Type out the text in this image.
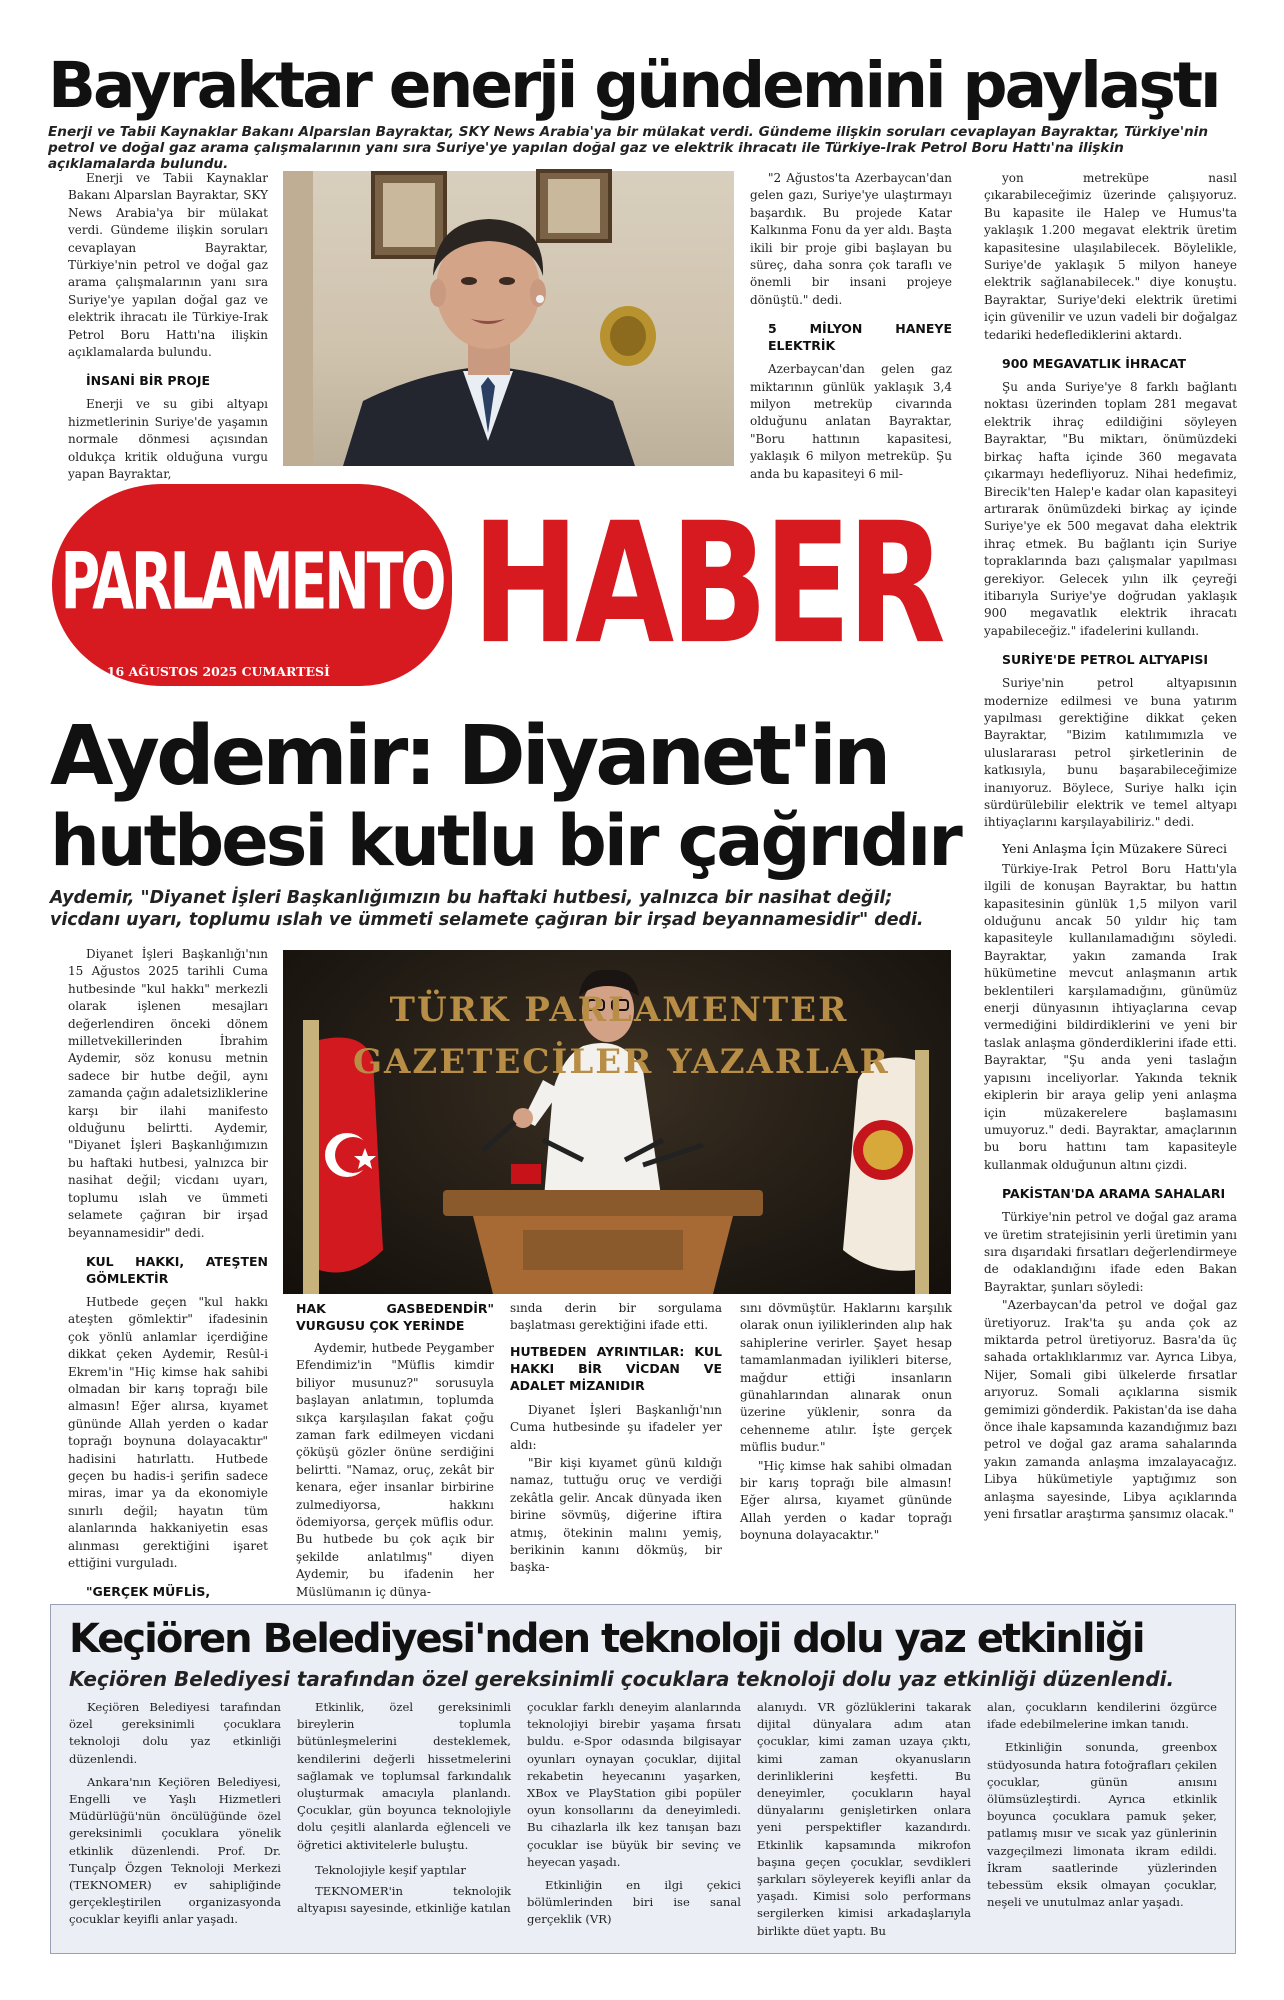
Bayraktar enerji gündemini paylaştı
Enerji ve Tabii Kaynaklar Bakanı Alparslan Bayraktar, SKY News Arabia'ya bir mülakat verdi. Gündeme ilişkin soruları cevaplayan Bayraktar, Türkiye'nin petrol ve doğal gaz arama çalışmalarının yanı sıra Suriye'ye yapılan doğal gaz ve elektrik ihracatı ile Türkiye-Irak Petrol Boru Hattı'na ilişkin açıklamalarda bulundu.

Enerji ve Tabii Kaynaklar Bakanı Alparslan Bayraktar, SKY News Arabia'ya bir mülakat verdi. Gündeme ilişkin soruları cevaplayan Bayraktar, Türkiye'nin petrol ve doğal gaz arama çalışmalarının yanı sıra Suriye'ye yapılan doğal gaz ve elektrik ihracatı ile Türkiye-Irak Petrol Boru Hattı'na ilişkin açıklamalarda bulundu.

İNSANİ BİR PROJE

Enerji ve su gibi altyapı hizmetlerinin Suriye'de yaşamın normale dönmesi açısından oldukça kritik olduğuna vurgu yapan Bayraktar,

"2 Ağustos'ta Azerbaycan'dan gelen gazı, Suriye'ye ulaştırmayı başardık. Bu projede Katar Kalkınma Fonu da yer aldı. Başta ikili bir proje gibi başlayan bu süreç, daha sonra çok taraflı ve önemli bir insani projeye dönüştü." dedi.

5 MİLYON HANEYE ELEKTRİK

Azerbaycan'dan gelen gaz miktarının günlük yaklaşık 3,4 milyon metreküp civarında olduğunu anlatan Bayraktar, "Boru hattının kapasitesi, yaklaşık 6 milyon metreküp. Şu anda bu kapasiteyi 6 mil-

yon metreküpe nasıl çıkarabileceğimiz üzerinde çalışıyoruz. Bu kapasite ile Halep ve Humus'ta yaklaşık 1.200 megavat elektrik üretim kapasitesine ulaşılabilecek. Böylelikle, Suriye'de yaklaşık 5 milyon haneye elektrik sağlanabilecek." diye konuştu. Bayraktar, Suriye'deki elektrik üretimi için güvenilir ve uzun vadeli bir doğalgaz tedariki hedeflediklerini aktardı.

900 MEGAVATLIK İHRACAT

Şu anda Suriye'ye 8 farklı bağlantı noktası üzerinden toplam 281 megavat elektrik ihraç edildiğini söyleyen Bayraktar, "Bu miktarı, önümüzdeki birkaç hafta içinde 360 megavata çıkarmayı hedefliyoruz. Nihai hedefimiz, Birecik'ten Halep'e kadar olan kapasiteyi artırarak önümüzdeki birkaç ay içinde Suriye'ye ek 500 megavat daha elektrik ihraç etmek. Bu bağlantı için Suriye topraklarında bazı çalışmalar yapılması gerekiyor. Gelecek yılın ilk çeyreği itibarıyla Suriye'ye doğrudan yaklaşık 900 megavatlık elektrik ihracatı yapabileceğiz." ifadelerini kullandı.

SURİYE'DE PETROL ALTYAPISI

Suriye'nin petrol altyapısının modernize edilmesi ve buna yatırım yapılması gerektiğine dikkat çeken Bayraktar, "Bizim katılımımızla ve uluslararası petrol şirketlerinin de katkısıyla, bunu başarabileceğimize inanıyoruz. Böylece, Suriye halkı için sürdürülebilir elektrik ve temel altyapı ihtiyaçlarını karşılayabiliriz." dedi.

Yeni Anlaşma İçin Müzakere Süreci

Türkiye-Irak Petrol Boru Hattı'yla ilgili de konuşan Bayraktar, bu hattın kapasitesinin günlük 1,5 milyon varil olduğunu ancak 50 yıldır hiç tam kapasiteyle kullanılamadığını söyledi. Bayraktar, yakın zamanda Irak hükümetine mevcut anlaşmanın artık beklentileri karşılamadığını, günümüz enerji dünyasının ihtiyaçlarına cevap vermediğini bildirdiklerini ve yeni bir taslak anlaşma gönderdiklerini ifade etti. Bayraktar, "Şu anda yeni taslağın yapısını inceliyorlar. Yakında teknik ekiplerin bir araya gelip yeni anlaşma için müzakerelere başlamasını umuyoruz." dedi. Bayraktar, amaçlarının bu boru hattını tam kapasiteyle kullanmak olduğunun altını çizdi.

PAKİSTAN'DA ARAMA SAHALARI

Türkiye'nin petrol ve doğal gaz arama ve üretim stratejisinin yerli üretimin yanı sıra dışarıdaki fırsatları değerlendirmeye de odaklandığını ifade eden Bakan Bayraktar, şunları söyledi:

"Azerbaycan'da petrol ve doğal gaz üretiyoruz. Irak'ta şu anda çok az miktarda petrol üretiyoruz. Basra'da üç sahada ortaklıklarımız var. Ayrıca Libya, Nijer, Somali gibi ülkelerde fırsatlar arıyoruz. Somali açıklarına sismik gemimizi gönderdik. Pakistan'da ise daha önce ihale kapsamında kazandığımız bazı petrol ve doğal gaz arama sahalarında yakın zamanda anlaşma imzalayacağız. Libya hükümetiyle yaptığımız son anlaşma sayesinde, Libya açıklarında yeni fırsatlar araştırma şansımız olacak."

PARLAMENTO HABER
> 16 AĞUSTOS 2025 CUMARTESİ
Aydemir: Diyanet'in
hutbesi kutlu bir çağrıdır
Aydemir, "Diyanet İşleri Başkanlığımızın bu haftaki hutbesi, yalnızca bir nasihat değil; vicdanı uyarı, toplumu ıslah ve ümmeti selamete çağıran bir irşad beyannamesidir" dedi.

Diyanet İşleri Başkanlığı'nın 15 Ağustos 2025 tarihli Cuma hutbesinde "kul hakkı" merkezli olarak işlenen mesajları değerlendiren önceki dönem milletvekillerinden İbrahim Aydemir, söz konusu metnin sadece bir hutbe değil, aynı zamanda çağın adaletsizliklerine karşı bir ilahi manifesto olduğunu belirtti. Aydemir, "Diyanet İşleri Başkanlığımızın bu haftaki hutbesi, yalnızca bir nasihat değil; vicdanı uyarı, toplumu ıslah ve ümmeti selamete çağıran bir irşad beyannamesidir" dedi.

KUL HAKKI, ATEŞTEN GÖMLEKTİR

Hutbede geçen "kul hakkı ateşten gömlektir" ifadesinin çok yönlü anlamlar içerdiğine dikkat çeken Aydemir, Resûl-i Ekrem'in "Hiç kimse hak sahibi olmadan bir karış toprağı bile almasın! Eğer alırsa, kıyamet gününde Allah yerden o kadar toprağı boynuna dolayacaktır" hadisini hatırlattı. Hutbede geçen bu hadis-i şerifin sadece miras, imar ya da ekonomiyle sınırlı değil; hayatın tüm alanlarında hakkaniyetin esas alınması gerektiğini işaret ettiğini vurguladı.

"GERÇEK MÜFLİS,
TÜRK PARLAMENTER
GAZETECİLER YAZARLAR
HAK GASBEDENDİR" VURGUSU ÇOK YERİNDE

Aydemir, hutbede Peygamber Efendimiz'in "Müflis kimdir biliyor musunuz?" sorusuyla başlayan anlatımın, toplumda sıkça karşılaşılan fakat çoğu zaman fark edilmeyen vicdani çöküşü gözler önüne serdiğini belirtti. "Namaz, oruç, zekât bir kenara, eğer insanlar birbirine zulmediyorsa, hakkını ödemiyorsa, gerçek müflis odur. Bu hutbede bu çok açık bir şekilde anlatılmış" diyen Aydemir, bu ifadenin her Müslümanın iç dünya-

sında derin bir sorgulama başlatması gerektiğini ifade etti.

HUTBEDEN AYRINTILAR: KUL HAKKI BİR VİCDAN VE ADALET MİZANIDIR

Diyanet İşleri Başkanlığı'nın Cuma hutbesinde şu ifadeler yer aldı:

"Bir kişi kıyamet günü kıldığı namaz, tuttuğu oruç ve verdiği zekâtla gelir. Ancak dünyada iken birine sövmüş, diğerine iftira atmış, ötekinin malını yemiş, berikinin kanını dökmüş, bir başka-

sını dövmüştür. Haklarını karşılık olarak onun iyiliklerinden alıp hak sahiplerine verirler. Şayet hesap tamamlanmadan iyilikleri biterse, mağdur ettiği insanların günahlarından alınarak onun üzerine yüklenir, sonra da cehenneme atılır. İşte gerçek müflis budur."

"Hiç kimse hak sahibi olmadan bir karış toprağı bile almasın! Eğer alırsa, kıyamet gününde Allah yerden o kadar toprağı boynuna dolayacaktır."

Keçiören Belediyesi'nden teknoloji dolu yaz etkinliği
Keçiören Belediyesi tarafından özel gereksinimli çocuklara teknoloji dolu yaz etkinliği düzenlendi.

Keçiören Belediyesi tarafından özel gereksinimli çocuklara teknoloji dolu yaz etkinliği düzenlendi.

Ankara'nın Keçiören Belediyesi, Engelli ve Yaşlı Hizmetleri Müdürlüğü'nün öncülüğünde özel gereksinimli çocuklara yönelik etkinlik düzenlendi. Prof. Dr. Tunçalp Özgen Teknoloji Merkezi (TEKNOMER) ev sahipliğinde gerçekleştirilen organizasyonda çocuklar keyifli anlar yaşadı.

Etkinlik, özel gereksinimli bireylerin toplumla bütünleşmelerini desteklemek, kendilerini değerli hissetmelerini sağlamak ve toplumsal farkındalık oluşturmak amacıyla planlandı. Çocuklar, gün boyunca teknolojiyle dolu çeşitli alanlarda eğlenceli ve öğretici aktivitelerle buluştu.

Teknolojiyle keşif yaptılar

TEKNOMER'in teknolojik altyapısı sayesinde, etkinliğe katılan

çocuklar farklı deneyim alanlarında teknolojiyi birebir yaşama fırsatı buldu. e-Spor odasında bilgisayar oyunları oynayan çocuklar, dijital rekabetin heyecanını yaşarken, XBox ve PlayStation gibi popüler oyun konsollarını da deneyimledi. Bu cihazlarla ilk kez tanışan bazı çocuklar ise büyük bir sevinç ve heyecan yaşadı.

Etkinliğin en ilgi çekici bölümlerinden biri ise sanal gerçeklik (VR)

alanıydı. VR gözlüklerini takarak dijital dünyalara adım atan çocuklar, kimi zaman uzaya çıktı, kimi zaman okyanusların derinliklerini keşfetti. Bu deneyimler, çocukların hayal dünyalarını genişletirken onlara yeni perspektifler kazandırdı. Etkinlik kapsamında mikrofon başına geçen çocuklar, sevdikleri şarkıları söyleyerek keyifli anlar da yaşadı. Kimisi solo performans sergilerken kimisi arkadaşlarıyla birlikte düet yaptı. Bu

alan, çocukların kendilerini özgürce ifade edebilmelerine imkan tanıdı.

Etkinliğin sonunda, greenbox stüdyosunda hatıra fotoğrafları çekilen çocuklar, günün anısını ölümsüzleştirdi. Ayrıca etkinlik boyunca çocuklara pamuk şeker, patlamış mısır ve sıcak yaz günlerinin vazgeçilmezi limonata ikram edildi. İkram saatlerinde yüzlerinden tebessüm eksik olmayan çocuklar, neşeli ve unutulmaz anlar yaşadı.
